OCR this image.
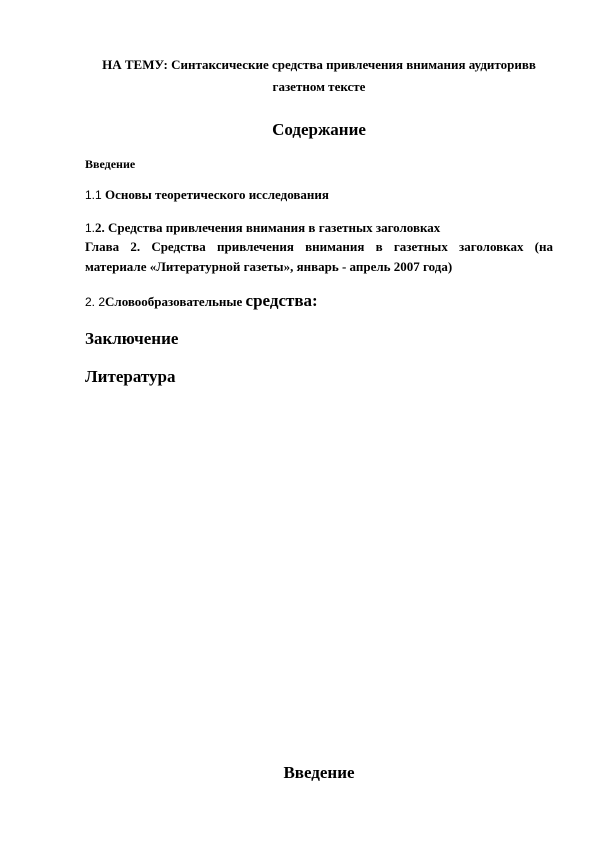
НА ТЕМУ: Синтаксические средства привлечения внимания аудиторивв газетном тексте

Содержание

Введение

1.1 Основы теоретического исследования

1.2. Средства привлечения внимания в газетных заголовках

Глава 2. Средства привлечения внимания в газетных заголовках (на материале «Литературной газеты», январь - апрель 2007 года)

2. 2Словообразовательные средства:

Заключение

Литература

Введение
